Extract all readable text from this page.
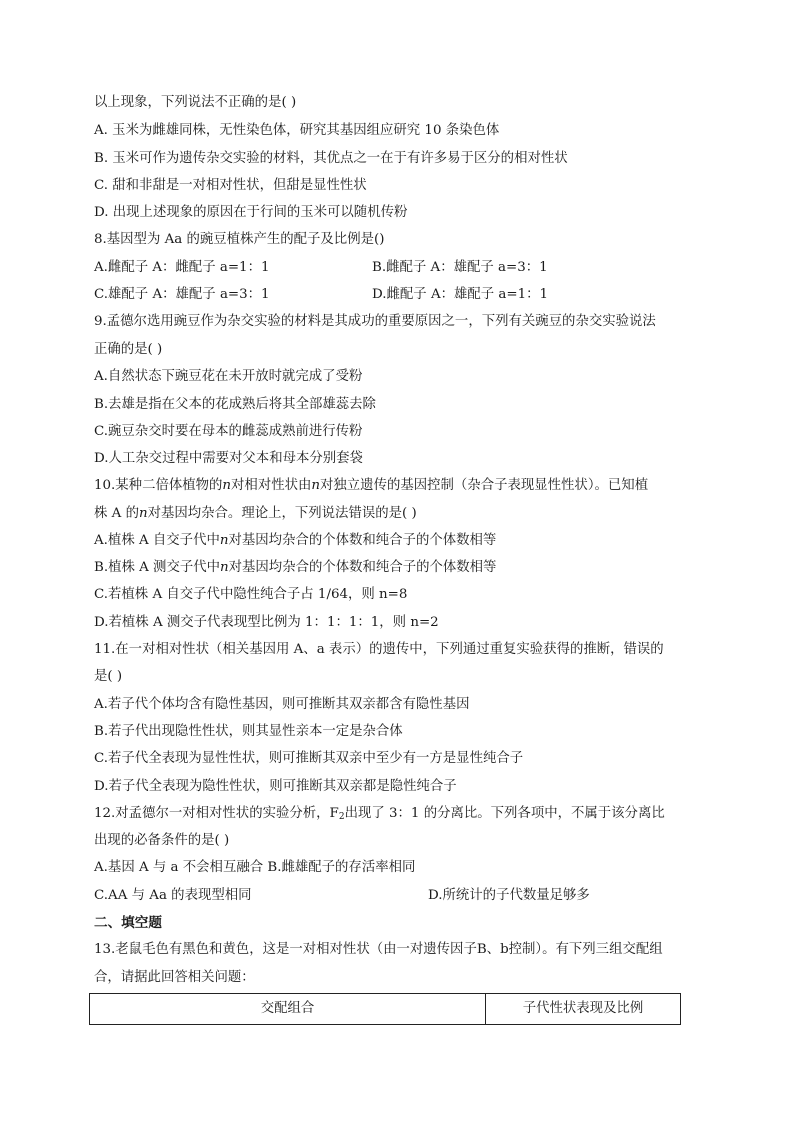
以上现象，下列说法不正确的是( )
A. 玉米为雌雄同株，无性染色体，研究其基因组应研究 10 条染色体
B. 玉米可作为遗传杂交实验的材料，其优点之一在于有许多易于区分的相对性状
C. 甜和非甜是一对相对性状，但甜是显性性状
D. 出现上述现象的原因在于行间的玉米可以随机传粉
8.基因型为 Aa 的豌豆植株产生的配子及比例是()
A.雌配子 A：雌配子 a=1：1	B.雌配子 A：雄配子 a=3：1
C.雄配子 A：雄配子 a=3：1	D.雌配子 A：雄配子 a=1：1
9.孟德尔选用豌豆作为杂交实验的材料是其成功的重要原因之一，下列有关豌豆的杂交实验说法
正确的是( )
A.自然状态下豌豆花在未开放时就完成了受粉
B.去雄是指在父本的花成熟后将其全部雄蕊去除
C.豌豆杂交时要在母本的雌蕊成熟前进行传粉
D.人工杂交过程中需要对父本和母本分别套袋
10.某种二倍体植物的n对相对性状由n对独立遗传的基因控制（杂合子表现显性性状）。已知植
株 A 的n对基因均杂合。理论上，下列说法错误的是( )
A.植株 A 自交子代中n对基因均杂合的个体数和纯合子的个体数相等
B.植株 A 测交子代中n对基因均杂合的个体数和纯合子的个体数相等
C.若植株 A 自交子代中隐性纯合子占 1/64，则 n=8
D.若植株 A 测交子代表现型比例为 1：1：1：1，则 n=2
11.在一对相对性状（相关基因用 A、a 表示）的遗传中，下列通过重复实验获得的推断，错误的
是( )
A.若子代个体均含有隐性基因，则可推断其双亲都含有隐性基因
B.若子代出现隐性性状，则其显性亲本一定是杂合体
C.若子代全表现为显性性状，则可推断其双亲中至少有一方是显性纯合子
D.若子代全表现为隐性性状，则可推断其双亲都是隐性纯合子
12.对孟德尔一对相对性状的实验分析，$F_2$出现了 3：1 的分离比。下列各项中，不属于该分离比
出现的必备条件的是( )
A.基因 A 与 a 不会相互融合 B.雌雄配子的存活率相同
C.AA 与 Aa 的表现型相同	D.所统计的子代数量足够多
二、填空题
13.老鼠毛色有黑色和黄色，这是一对相对性状（由一对遗传因子B、b控制）。有下列三组交配组
合，请据此回答相关问题：
交配组合	子代性状表现及比例
